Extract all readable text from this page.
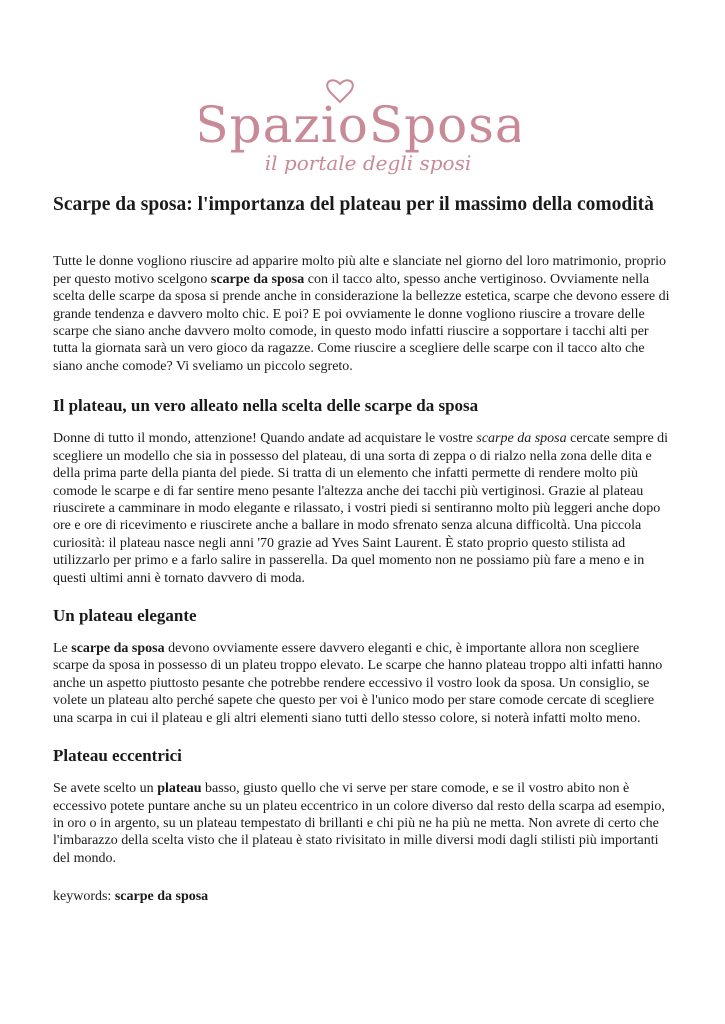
SpazioSposa
il portale degli sposi
Scarpe da sposa: l'importanza del plateau per il massimo della comodità

Tutte le donne vogliono riuscire ad apparire molto più alte e slanciate nel giorno del loro matrimonio, proprio per questo motivo scelgono scarpe da sposa con il tacco alto, spesso anche vertiginoso. Ovviamente nella scelta delle scarpe da sposa si prende anche in considerazione la bellezze estetica, scarpe che devono essere di grande tendenza e davvero molto chic. E poi? E poi ovviamente le donne vogliono riuscire a trovare delle scarpe che siano anche davvero molto comode, in questo modo infatti riuscire a sopportare i tacchi alti per tutta la giornata sarà un vero gioco da ragazze. Come riuscire a scegliere delle scarpe con il tacco alto che siano anche comode? Vi sveliamo un piccolo segreto.

Il plateau, un vero alleato nella scelta delle scarpe da sposa

Donne di tutto il mondo, attenzione! Quando andate ad acquistare le vostre scarpe da sposa cercate sempre di scegliere un modello che sia in possesso del plateau, di una sorta di zeppa o di rialzo nella zona delle dita e della prima parte della pianta del piede. Si tratta di un elemento che infatti permette di rendere molto più comode le scarpe e di far sentire meno pesante l'altezza anche dei tacchi più vertiginosi. Grazie al plateau riuscirete a camminare in modo elegante e rilassato, i vostri piedi si sentiranno molto più leggeri anche dopo ore e ore di ricevimento e riuscirete anche a ballare in modo sfrenato senza alcuna difficoltà. Una piccola curiosità: il plateau nasce negli anni '70 grazie ad Yves Saint Laurent. È stato proprio questo stilista ad utilizzarlo per primo e a farlo salire in passerella. Da quel momento non ne possiamo più fare a meno e in questi ultimi anni è tornato davvero di moda.

Un plateau elegante

Le scarpe da sposa devono ovviamente essere davvero eleganti e chic, è importante allora non scegliere scarpe da sposa in possesso di un plateu troppo elevato. Le scarpe che hanno plateau troppo alti infatti hanno anche un aspetto piuttosto pesante che potrebbe rendere eccessivo il vostro look da sposa. Un consiglio, se volete un plateau alto perché sapete che questo per voi è l'unico modo per stare comode cercate di scegliere una scarpa in cui il plateau e gli altri elementi siano tutti dello stesso colore, si noterà infatti molto meno.

Plateau eccentrici

Se avete scelto un plateau basso, giusto quello che vi serve per stare comode, e se il vostro abito non è eccessivo potete puntare anche su un plateu eccentrico in un colore diverso dal resto della scarpa ad esempio, in oro o in argento, su un plateau tempestato di brillanti e chi più ne ha più ne metta. Non avrete di certo che l'imbarazzo della scelta visto che il plateau è stato rivisitato in mille diversi modi dagli stilisti più importanti del mondo.

keywords: scarpe da sposa
